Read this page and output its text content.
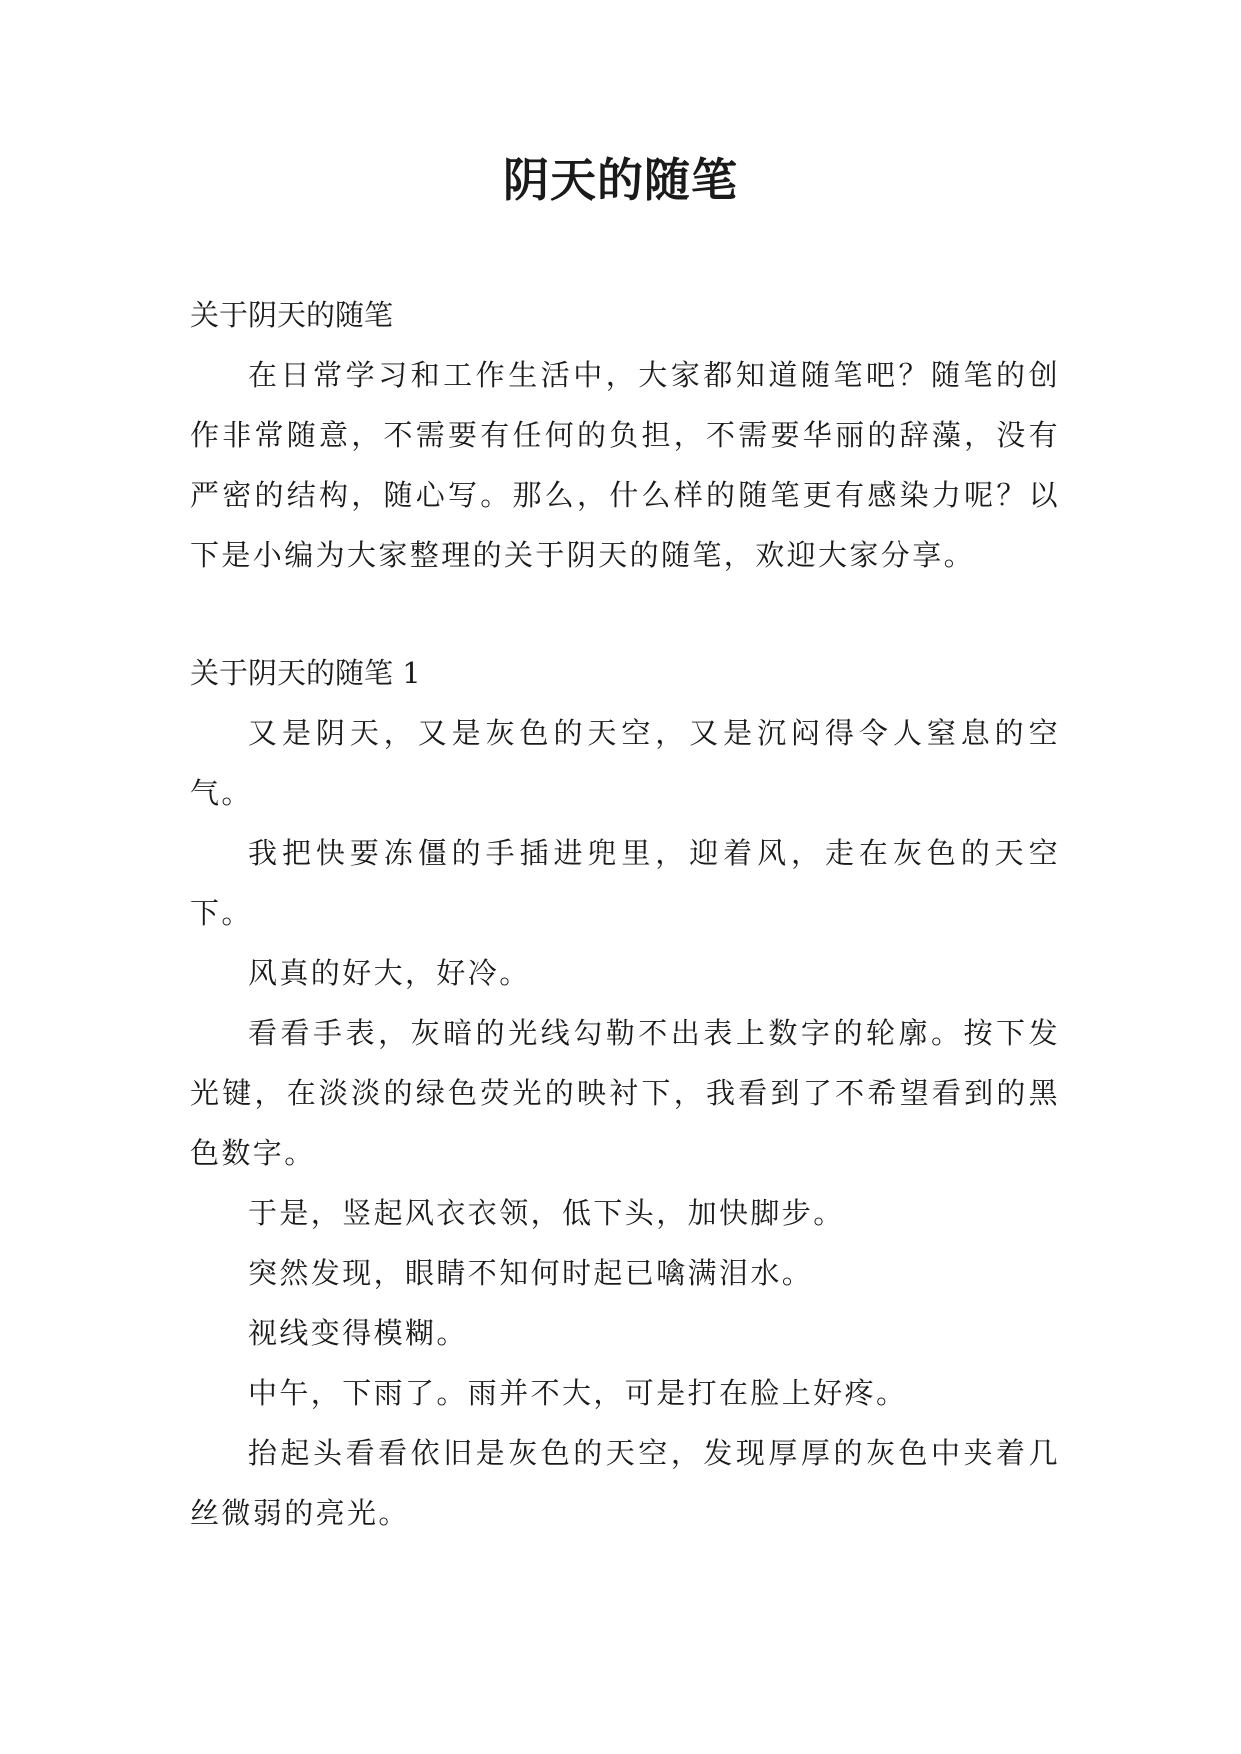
阴天的随笔

关于阴天的随笔

在日常学习和工作生活中，大家都知道随笔吧？随笔的创作非常随意，不需要有任何的负担，不需要华丽的辞藻，没有严密的结构，随心写。那么，什么样的随笔更有感染力呢？以下是小编为大家整理的关于阴天的随笔，欢迎大家分享。

关于阴天的随笔 1

又是阴天，又是灰色的天空，又是沉闷得令人窒息的空气。

我把快要冻僵的手插进兜里，迎着风，走在灰色的天空下。

风真的好大，好冷。

看看手表，灰暗的光线勾勒不出表上数字的轮廓。按下发光键，在淡淡的绿色荧光的映衬下，我看到了不希望看到的黑色数字。

于是，竖起风衣衣领，低下头，加快脚步。

突然发现，眼睛不知何时起已噙满泪水。

视线变得模糊。

中午，下雨了。雨并不大，可是打在脸上好疼。

抬起头看看依旧是灰色的天空，发现厚厚的灰色中夹着几丝微弱的亮光。
